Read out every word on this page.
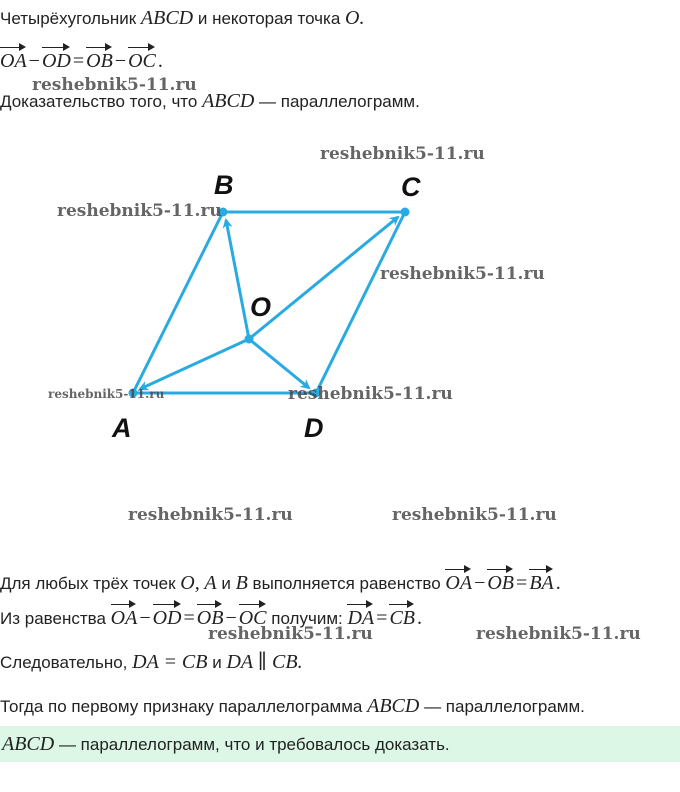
Четырёхугольник ABCD и некоторая точка O.
OA − OD = OB − OC .
Доказательство того, что ABCD — параллелограмм.
A
B	C
D
O
reshebnik5-11.ru
reshebnik5-11.ru
reshebnik5-11.ru
reshebnik5-11.ru
reshebnik5-11.ru	reshebnik5-11.ru
reshebnik5-11.ru	reshebnik5-11.ru
reshebnik5-11.ru	reshebnik5-11.ru
Для любых трёх точек O, A и B выполняется равенство OA − OB = BA .
Из равенства OA − OD = OB − OC получим: DA = CB .
Следовательно, DA = CB и DA ∥ CB.
Тогда по первому признаку параллелограмма ABCD — параллелограмм.
ABCD — параллелограмм, что и требовалось доказать.
